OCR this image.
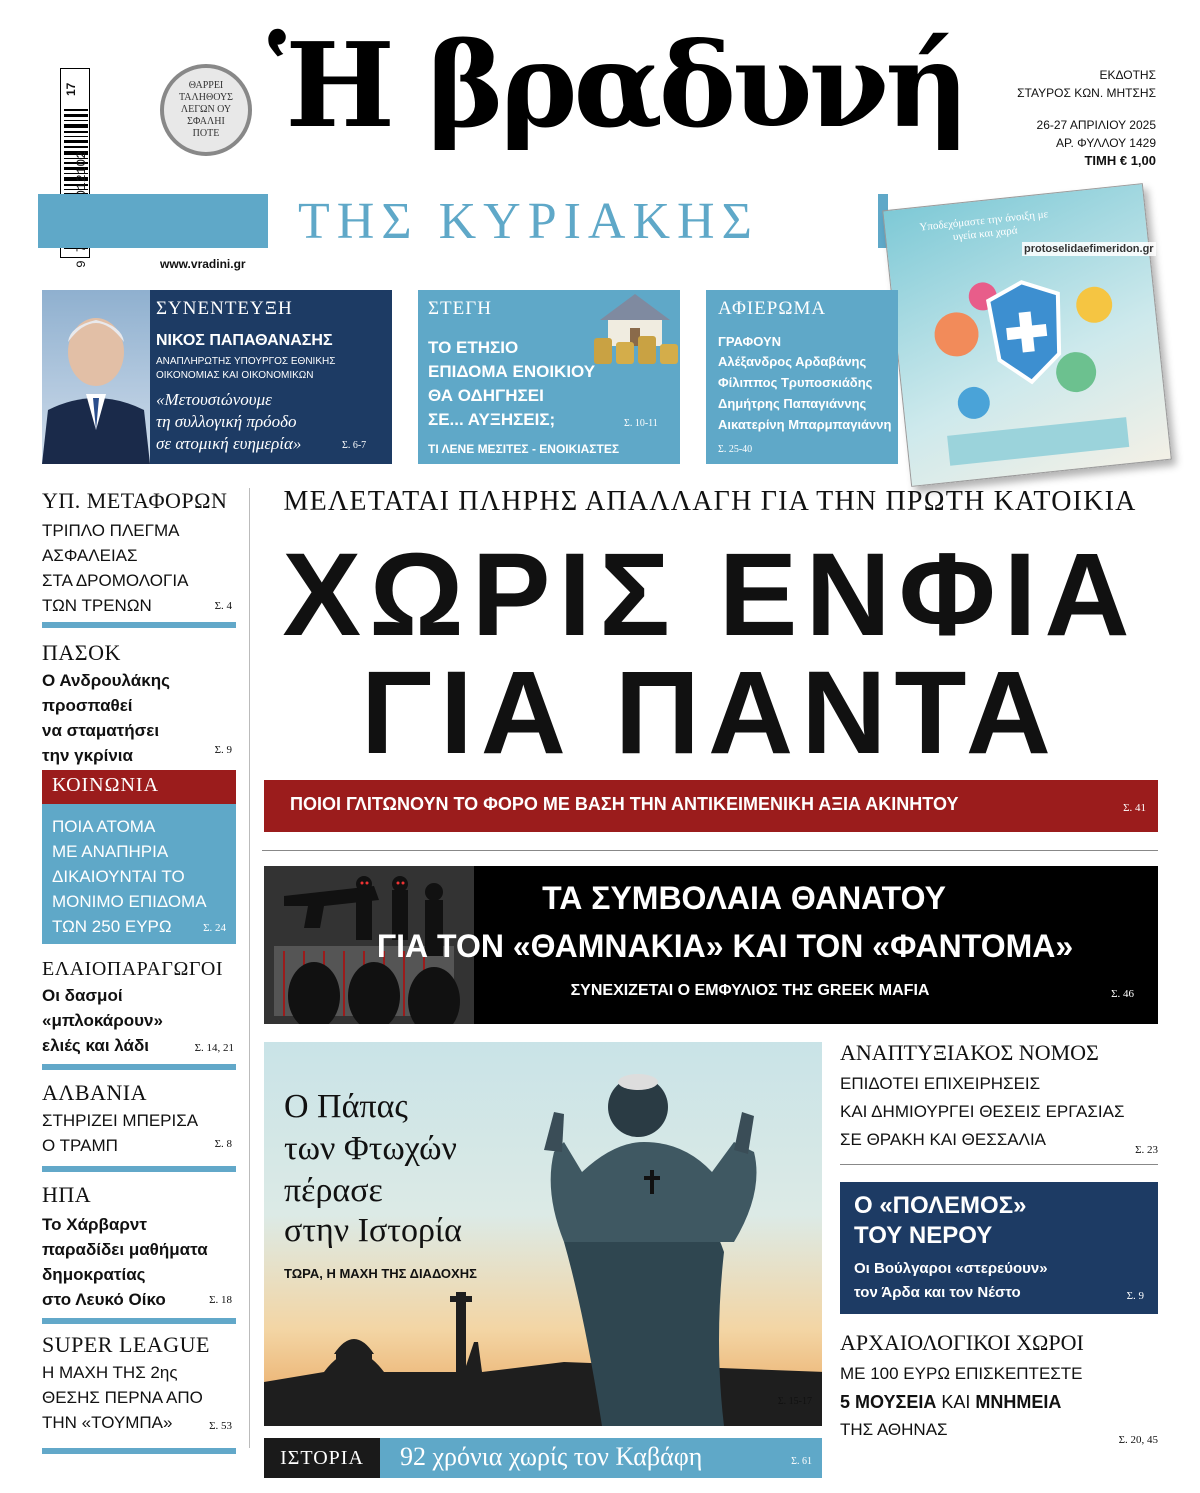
17	ΘΑΡΡΕΙ ΤΑΛΗΘΟΥΣ ΛΕΓΩΝ ΟΥ ΣΦΑΛΗΙ ΠΟΤΕ Ἡ βραδυνή
ΤΗΣ ΚΥΡΙΑΚΗΣ
www.vradini.gr
ΕΚΔΟΤΗΣ
ΣΤΑΥΡΟΣ ΚΩΝ. ΜΗΤΣΗΣ
26-27 ΑΠΡΙΛΙΟΥ 2025
ΑΡ. ΦΥΛΛΟΥ 1429
ΤΙΜΗ € 1,00
Υποδεχόμαστε την άνοιξη με υγεία και χαρά
protoselidaefimeridon.gr
ΣΥΝΕΝΤΕΥΞΗ
ΝΙΚΟΣ ΠΑΠΑΘΑΝΑΣΗΣ
ΑΝΑΠΛΗΡΩΤΗΣ ΥΠΟΥΡΓΟΣ ΕΘΝΙΚΗΣ
ΟΙΚΟΝΟΜΙΑΣ ΚΑΙ ΟΙΚΟΝΟΜΙΚΩΝ
«Μετουσιώνουμε
τη συλλογική πρόοδο
σε ατομική ευημερία»	Σ. 6-7
ΣΤΕΓΗ
ΤΟ ΕΤΗΣΙΟ
ΕΠΙΔΟΜΑ ΕΝΟΙΚΙΟΥ
ΘΑ ΟΔΗΓΗΣΕΙ
ΣΕ... ΑΥΞΗΣΕΙΣ;	Σ. 10-11
ΤΙ ΛΕΝΕ ΜΕΣΙΤΕΣ - ΕΝΟΙΚΙΑΣΤΕΣ
ΑΦΙΕΡΩΜΑ
ΓΡΑΦΟΥΝ
Αλέξανδρος Αρδαβάνης
Φίλιππος Τρυποσκιάδης
Δημήτρης Παπαγιάννης
Αικατερίνη Μπαρμπαγιάννη
Σ. 25-40
ΥΠ. ΜΕΤΑΦΟΡΩΝ
ΤΡΙΠΛΟ ΠΛΕΓΜΑ
ΑΣΦΑΛΕΙΑΣ
ΣΤΑ ΔΡΟΜΟΛΟΓΙΑ
ΤΩΝ ΤΡΕΝΩΝ	Σ. 4
ΠΑΣΟΚ
Ο Ανδρουλάκης
προσπαθεί
να σταματήσει
την γκρίνια	Σ. 9
ΚΟΙΝΩΝΙΑ
ΠΟΙΑ ΑΤΟΜΑ
ΜΕ ΑΝΑΠΗΡΙΑ
ΔΙΚΑΙΟΥΝΤΑΙ ΤΟ
ΜΟΝΙΜΟ ΕΠΙΔΟΜΑ
ΤΩΝ 250 ΕΥΡΩ	Σ. 24
ΕΛΑΙΟΠΑΡΑΓΩΓΟΙ
Οι δασμοί
«μπλοκάρουν»
ελιές και λάδι	Σ. 14, 21
ΑΛΒΑΝΙΑ
ΣΤΗΡΙΖΕΙ ΜΠΕΡΙΣΑ
Ο ΤΡΑΜΠ	Σ. 8
ΗΠΑ
Το Χάρβαρντ
παραδίδει μαθήματα
δημοκρατίας
στο Λευκό Οίκο	Σ. 18
SUPER LEAGUE
Η ΜΑΧΗ ΤΗΣ 2ης
ΘΕΣΗΣ ΠΕΡΝΑ ΑΠΟ
ΤΗΝ «ΤΟΥΜΠΑ»	Σ. 53
ΜΕΛΕΤΑΤΑΙ ΠΛΗΡΗΣ ΑΠΑΛΛΑΓΗ ΓΙΑ ΤΗΝ ΠΡΩΤΗ ΚΑΤΟΙΚΙΑ
ΧΩΡΙΣ ΕΝΦΙΑ
ΓΙΑ ΠΑΝΤΑ
ΠΟΙΟΙ ΓΛΙΤΩΝΟΥΝ ΤΟ ΦΟΡΟ ΜΕ ΒΑΣΗ ΤΗΝ ΑΝΤΙΚΕΙΜΕΝΙΚΗ ΑΞΙΑ ΑΚΙΝΗΤΟΥ	Σ. 41
ΤΑ ΣΥΜΒΟΛΑΙΑ ΘΑΝΑΤΟΥ
ΓΙΑ ΤΟΝ «ΘΑΜΝΑΚΙΑ» ΚΑΙ ΤΟΝ «ΦΑΝΤΟΜΑ»
ΣΥΝΕΧΙΖΕΤΑΙ Ο ΕΜΦΥΛΙΟΣ ΤΗΣ GREEK MAFIA	Σ. 46
Ο Πάπας
των Φτωχών
πέρασε
στην Ιστορία
ΤΩΡΑ, Η ΜΑΧΗ ΤΗΣ ΔΙΑΔΟΧΗΣ
Σ. 15-17
ΙΣΤΟΡΙΑ	92 χρόνια χωρίς τον Καβάφη	Σ. 61
ΑΝΑΠΤΥΞΙΑΚΟΣ ΝΟΜΟΣ
ΕΠΙΔΟΤΕΙ ΕΠΙΧΕΙΡΗΣΕΙΣ
ΚΑΙ ΔΗΜΙΟΥΡΓΕΙ ΘΕΣΕΙΣ ΕΡΓΑΣΙΑΣ
ΣΕ ΘΡΑΚΗ ΚΑΙ ΘΕΣΣΑΛΙΑ
Σ. 23
Ο «ΠΟΛΕΜΟΣ»
ΤΟΥ ΝΕΡΟΥ
Οι Βούλγαροι «στερεύουν»
τον Άρδα και τον Νέστο	Σ. 9
ΑΡΧΑΙΟΛΟΓΙΚΟΙ ΧΩΡΟΙ
ΜΕ 100 ΕΥΡΩ ΕΠΙΣΚΕΠΤΕΣΤΕ
5 ΜΟΥΣΕΙΑ ΚΑΙ ΜΝΗΜΕΙΑ
ΤΗΣ ΑΘΗΝΑΣ
Σ. 20, 45
